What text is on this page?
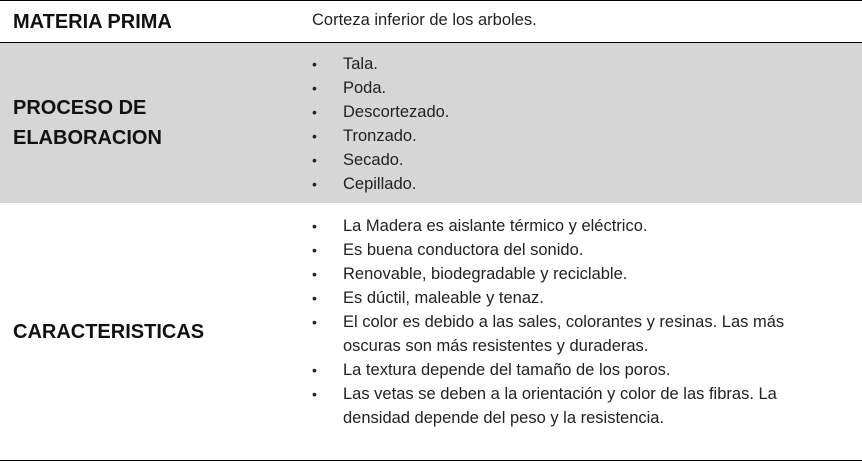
MATERIA PRIMA	Corteza inferior de los arboles.
PROCESO DE
ELABORACION
• Tala.
• Poda.
• Descortezado.
• Tronzado.
• Secado.
• Cepillado.
CARACTERISTICAS
• La Madera es aislante térmico y eléctrico.
• Es buena conductora del sonido.
• Renovable, biodegradable y reciclable.
• Es dúctil, maleable y tenaz.
• El color es debido a las sales, colorantes y resinas. Las más oscuras son más resistentes y duraderas.
• La textura depende del tamaño de los poros.
• Las vetas se deben a la orientación y color de las fibras. La densidad depende del peso y la resistencia.
